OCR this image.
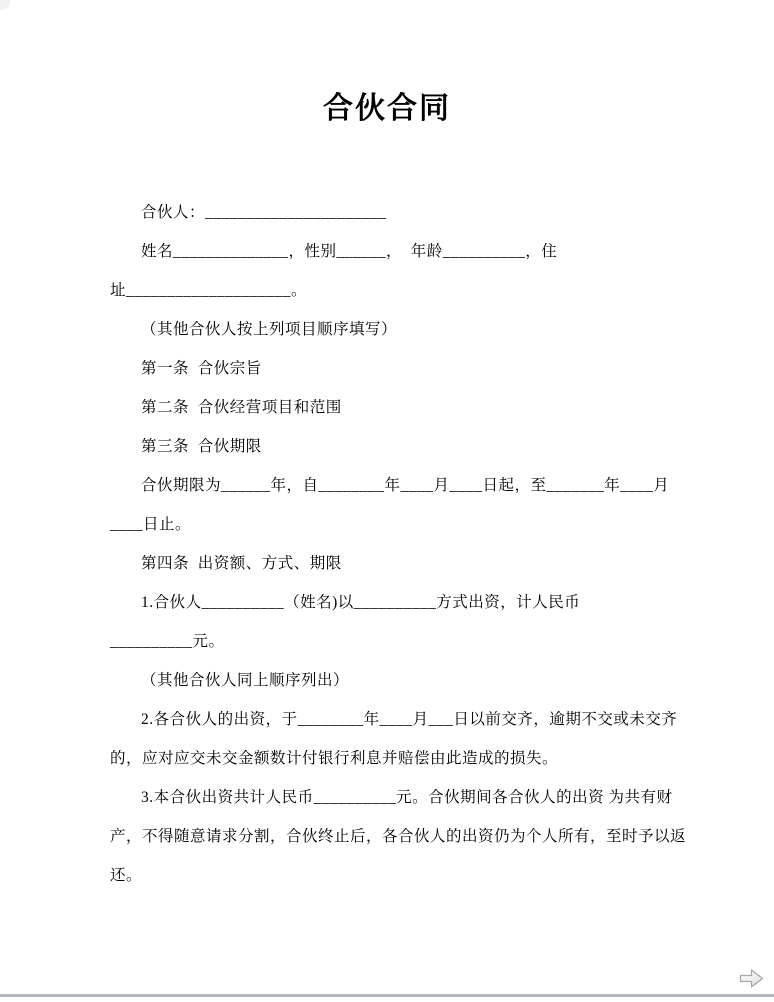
合伙合同
合伙人：______________________
姓名______________，性别______，  年龄__________，住
址____________________。
（其他合伙人按上列项目顺序填写）
第一条  合伙宗旨
第二条  合伙经营项目和范围
第三条  合伙期限
合伙期限为______年，自________年____月____日起，至_______年____月
____日止。
第四条  出资额、方式、期限
1.合伙人__________（姓名)以__________方式出资，计人民币
__________元。
（其他合伙人同上顺序列出）
2.各合伙人的出资，于________年____月___日以前交齐，逾期不交或未交齐
的，应对应交未交金额数计付银行利息并赔偿由此造成的损失。
3.本合伙出资共计人民币__________元。合伙期间各合伙人的出资 为共有财
产，不得随意请求分割，合伙终止后，各合伙人的出资仍为个人所有，至时予以返
还。
